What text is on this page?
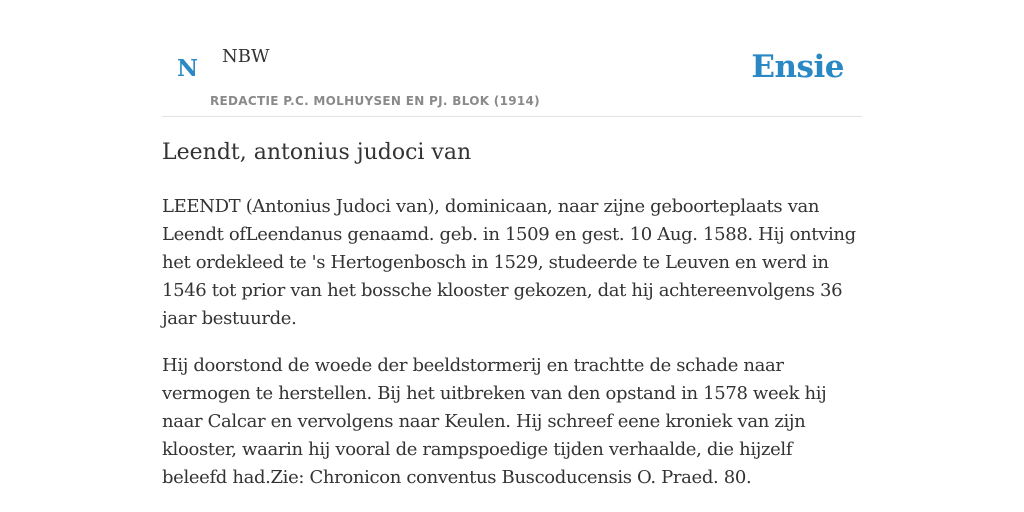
N NBW
REDACTIE P.C. MOLHUYSEN EN PJ. BLOK (1914)
Ensie
Leendt, antonius judoci van

LEENDT (Antonius Judoci van), dominicaan, naar zijne geboorteplaats van Leendt ofLeendanus genaamd. geb. in 1509 en gest. 10 Aug. 1588. Hij ontving het ordekleed te 's Hertogenbosch in 1529, studeerde te Leuven en werd in 1546 tot prior van het bossche klooster gekozen, dat hij achtereenvolgens 36 jaar bestuurde.

Hij doorstond de woede der beeldstormerij en trachtte de schade naar vermogen te herstellen. Bij het uitbreken van den opstand in 1578 week hij naar Calcar en vervolgens naar Keulen. Hij schreef eene kroniek van zijn klooster, waarin hij vooral de rampspoedige tijden verhaalde, die hijzelf beleefd had.Zie: Chronicon conventus Buscoducensis O. Praed. 80.
